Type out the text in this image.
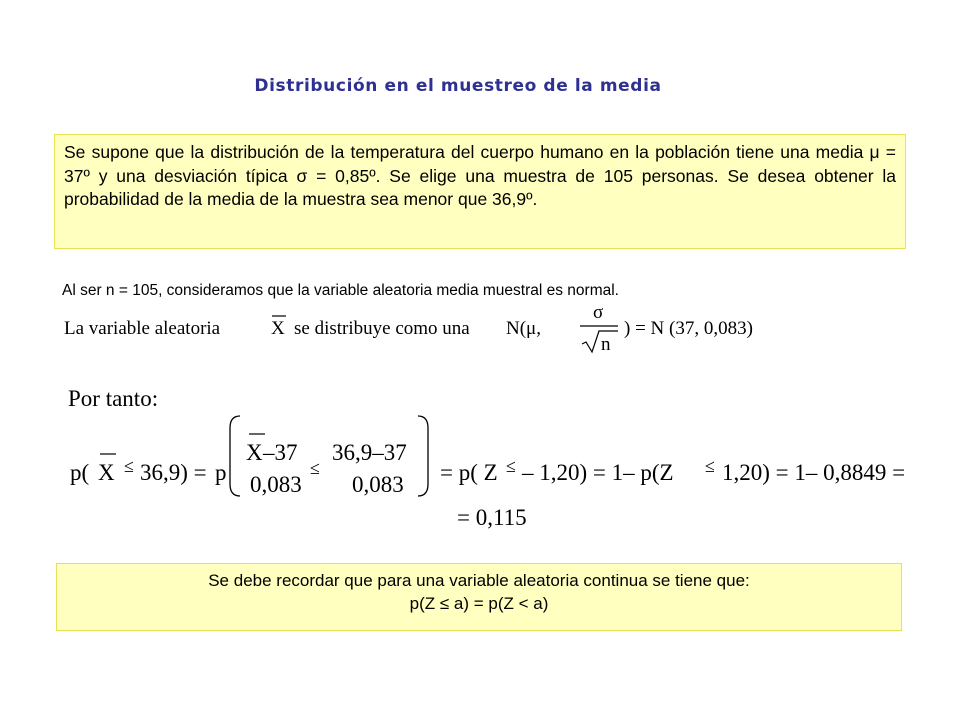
Distribución en el muestreo de la media
Se supone que la distribución de la temperatura del cuerpo humano en la población tiene una media μ = 37º y una desviación típica σ = 0,85º. Se elige una muestra de 105 personas. Se desea obtener la probabilidad de la media de la muestra sea menor que 36,9º.
Al ser n = 105, consideramos que la variable aleatoria media muestral es normal.
La variable aleatoria	X se distribuye como una N(μ,
σ
n
) = N (37, 0,083)
Por tanto:
p( X ≤ 36,9) = p
X –37
0,083
≤
36,9–37
0,083 = p( Z ≤ – 1,20) = 1– p(Z ≤ 1,20) = 1– 0,8849 =
= 0,115
Se debe recordar que para una variable aleatoria continua se tiene que:
p(Z ≤ a) = p(Z < a)
